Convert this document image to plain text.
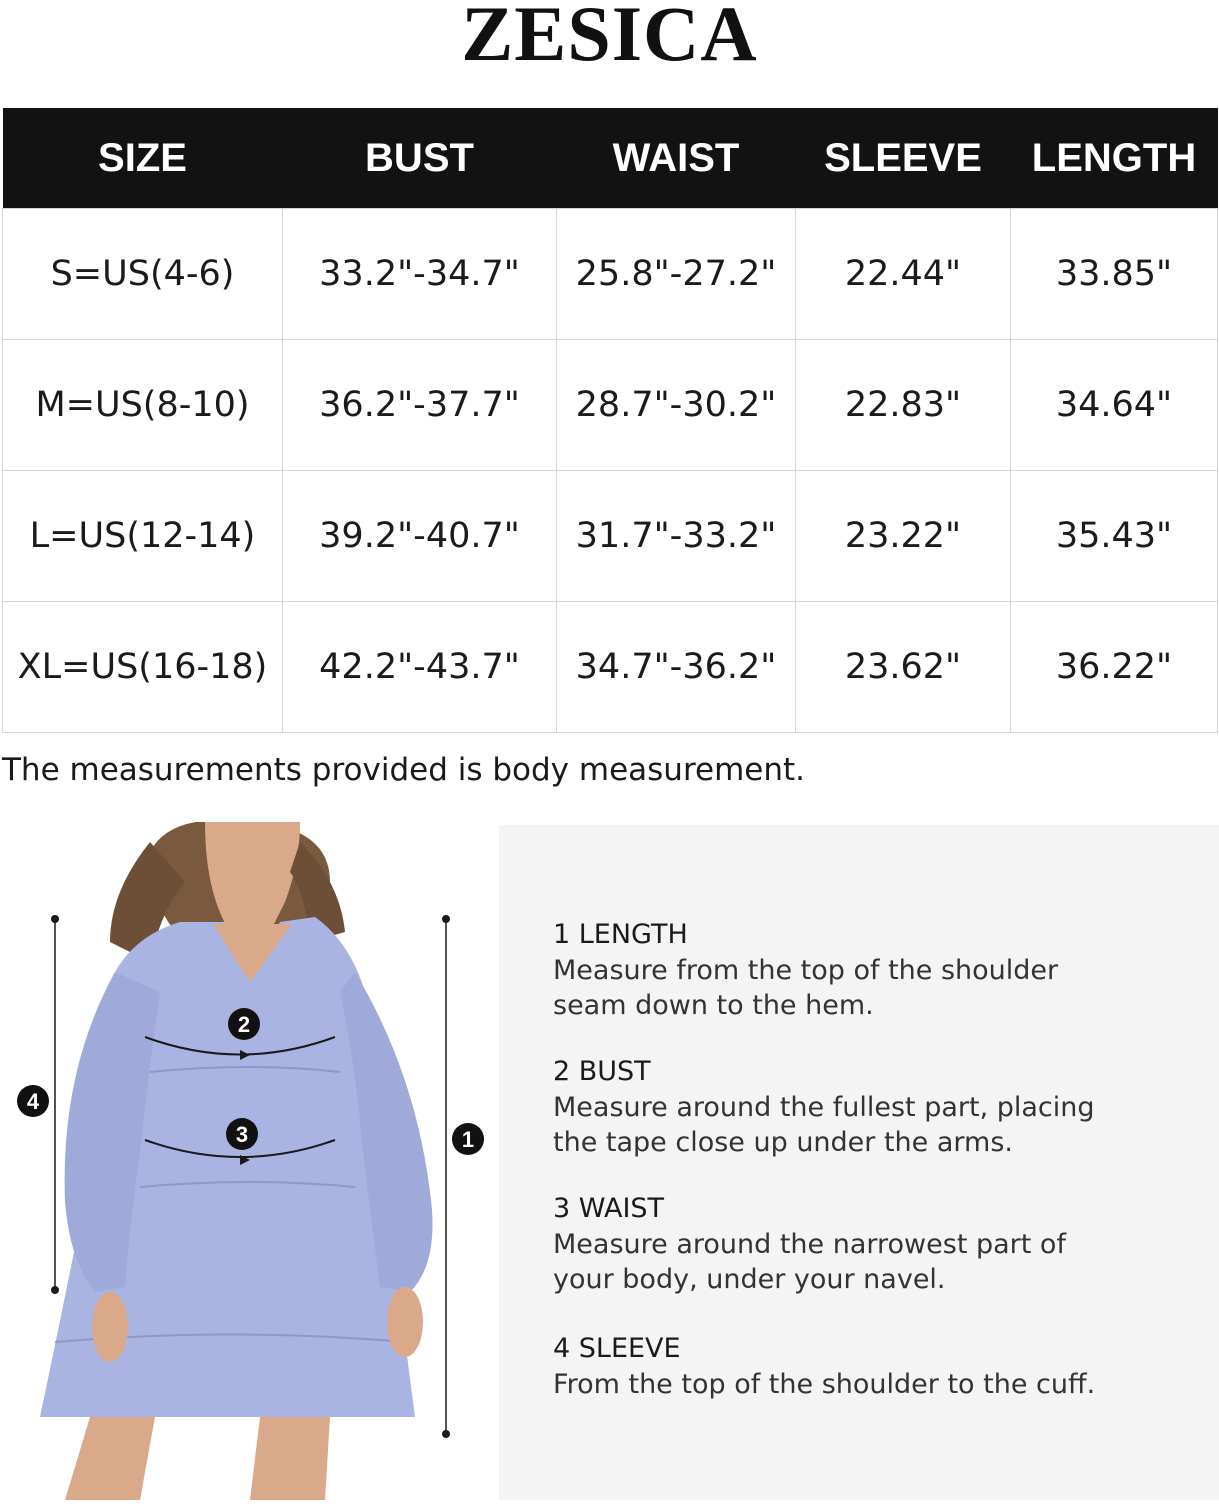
ZESICA
SIZE	BUST	WAIST	SLEEVE	LENGTH
S=US(4-6)	33.2"-34.7"	25.8"-27.2"	22.44"	33.85"
M=US(8-10)	36.2"-37.7"	28.7"-30.2"	22.83"	34.64"
L=US(12-14)	39.2"-40.7"	31.7"-33.2"	23.22"	35.43"
XL=US(16-18)	42.2"-43.7"	34.7"-36.2"	23.62"	36.22"
The measurements provided is body measurement.
2
3
4
1
1 LENGTH
Measure from the top of the shoulder
seam down to the hem.
2 BUST
Measure around the fullest part, placing
the tape close up under the arms.
3 WAIST
Measure around the narrowest part of
your body, under your navel.
4 SLEEVE
From the top of the shoulder to the cuff.
